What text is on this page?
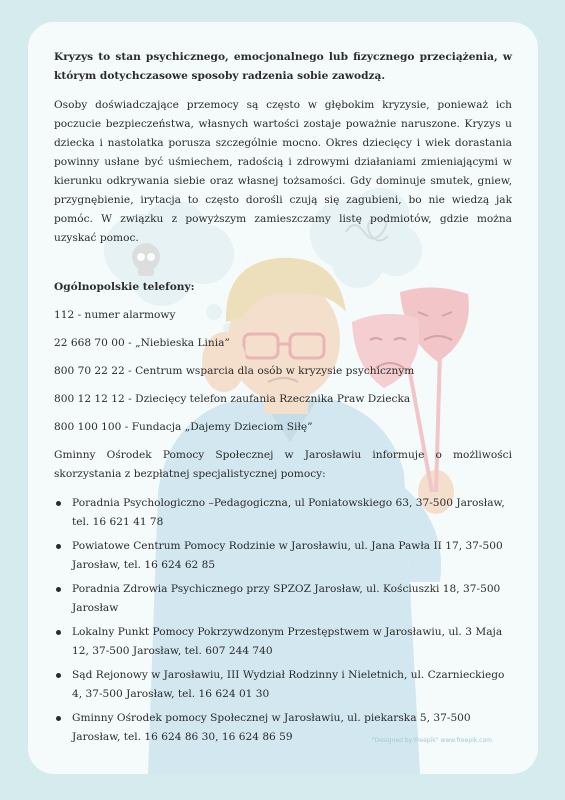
Kryzys to stan psychicznego, emocjonalnego lub fizycznego przeciążenia, w którym dotychczasowe sposoby radzenia sobie zawodzą.

Osoby doświadczające przemocy są często w głębokim kryzysie, ponieważ ich poczucie bezpieczeństwa, własnych wartości zostaje poważnie naruszone. Kryzys u dziecka i nastolatka porusza szczególnie mocno. Okres dziecięcy i wiek dorastania powinny usłane być uśmiechem, radością i zdrowymi działaniami zmieniającymi w kierunku odkrywania siebie oraz własnej tożsamości. Gdy dominuje smutek, gniew, przygnębienie, irytacja to często dorośli czują się zagubieni, bo nie wiedzą jak pomóc. W związku z powyższym zamieszczamy listę podmiotów, gdzie można uzyskać pomoc.

Ogólnopolskie telefony:

112 - numer alarmowy

22 668 70 00 - „Niebieska Linia”

800 70 22 22 - Centrum wsparcia dla osób w kryzysie psychicznym

800 12 12 12 - Dziecięcy telefon zaufania Rzecznika Praw Dziecka

800 100 100 - Fundacja „Dajemy Dzieciom Siłę”

Gminny Ośrodek Pomocy Społecznej w Jarosławiu informuje o możliwości skorzystania z bezpłatnej specjalistycznej pomocy:

Poradnia Psychologiczno –Pedagogiczna, ul Poniatowskiego 63, 37-500 Jarosław, tel. 16 621 41 78
Powiatowe Centrum Pomocy Rodzinie w Jarosławiu, ul. Jana Pawła II 17, 37-500 Jarosław, tel. 16 624 62 85
Poradnia Zdrowia Psychicznego przy SPZOZ Jarosław, ul. Kościuszki 18, 37-500 Jarosław
Lokalny Punkt Pomocy Pokrzywdzonym Przestępstwem w Jarosławiu, ul. 3 Maja 12, 37-500 Jarosław, tel. 607 244 740
Sąd Rejonowy w Jarosławiu, III Wydział Rodzinny i Nieletnich, ul. Czarnieckiego 4, 37-500 Jarosław, tel. 16 624 01 30
Gminny Ośrodek pomocy Społecznej w Jarosławiu, ul. piekarska 5, 37-500 Jarosław, tel. 16 624 86 30, 16 624 86 59	"Designed by Freepik" www.freepik.com
